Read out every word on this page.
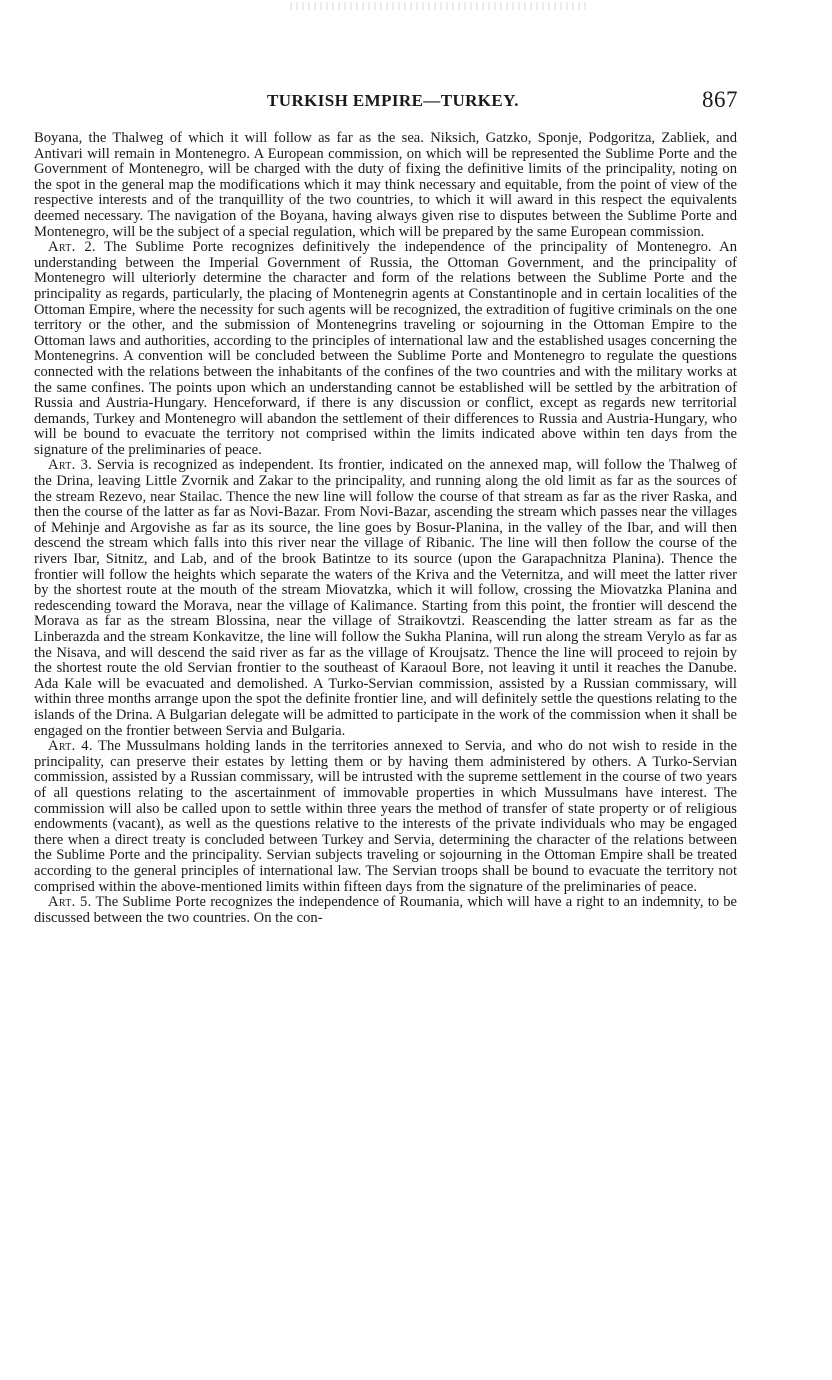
TURKISH EMPIRE—TURKEY.	867

Boyana, the Thalweg of which it will follow as far as the sea. Niksich, Gatzko, Sponje, Podgoritza, Zabliek, and Antivari will remain in Montenegro. A European commission, on which will be represented the Sublime Porte and the Government of Montenegro, will be charged with the duty of fixing the definitive limits of the principality, noting on the spot in the general map the modifications which it may think necessary and equitable, from the point of view of the respective interests and of the tranquillity of the two countries, to which it will award in this respect the equivalents deemed necessary. The navigation of the Boyana, having always given rise to disputes between the Sublime Porte and Montenegro, will be the subject of a special regulation, which will be prepared by the same European commission.

Art. 2. The Sublime Porte recognizes definitively the independence of the principality of Montenegro. An understanding between the Imperial Government of Russia, the Ottoman Government, and the principality of Montenegro will ulteriorly determine the character and form of the relations between the Sublime Porte and the principality as regards, particularly, the placing of Montenegrin agents at Constantinople and in certain localities of the Ottoman Empire, where the necessity for such agents will be recognized, the extradition of fugitive criminals on the one territory or the other, and the submission of Montenegrins traveling or sojourning in the Ottoman Empire to the Ottoman laws and authorities, according to the principles of international law and the established usages concerning the Montenegrins. A convention will be concluded between the Sublime Porte and Montenegro to regulate the questions connected with the relations between the inhabitants of the confines of the two countries and with the military works at the same confines. The points upon which an understanding cannot be established will be settled by the arbitration of Russia and Austria-Hungary. Henceforward, if there is any discussion or conflict, except as regards new territorial demands, Turkey and Montenegro will abandon the settlement of their differences to Russia and Austria-Hungary, who will be bound to evacuate the territory not comprised within the limits indicated above within ten days from the signature of the preliminaries of peace.

Art. 3. Servia is recognized as independent. Its frontier, indicated on the annexed map, will follow the Thalweg of the Drina, leaving Little Zvornik and Zakar to the principality, and running along the old limit as far as the sources of the stream Rezevo, near Stailac. Thence the new line will follow the course of that stream as far as the river Raska, and then the course of the latter as far as Novi-Bazar. From Novi-Bazar, ascending the stream which passes near the villages of Mehinje and Argovishe as far as its source, the line goes by Bosur-Planina, in the valley of the Ibar, and will then descend the stream which falls into this river near the village of Ribanic. The line will then follow the course of the rivers Ibar, Sitnitz, and Lab, and of the brook Batintze to its source (upon the Garapachnitza Planina). Thence the frontier will follow the heights which separate the waters of the Kriva and the Veternitza, and will meet the latter river by the shortest route at the mouth of the stream Miovatzka, which it will follow, crossing the Miovatzka Planina and redescending toward the Morava, near the village of Kalimance. Starting from this point, the frontier will descend the Morava as far as the stream Blossina, near the village of Straikovtzi. Reascending the latter stream as far as the Linberazda and the stream Konkavitze, the line will follow the Sukha Planina, will run along the stream Verylo as far as the Nisava, and will descend the said river as far as the village of Kroujsatz. Thence the line will proceed to rejoin by the shortest route the old Servian frontier to the southeast of Karaoul Bore, not leaving it until it reaches the Danube. Ada Kale will be evacuated and demolished. A Turko-Servian commission, assisted by a Russian commissary, will within three months arrange upon the spot the definite frontier line, and will definitely settle the questions relating to the islands of the Drina. A Bulgarian delegate will be admitted to participate in the work of the commission when it shall be engaged on the frontier between Servia and Bulgaria.

Art. 4. The Mussulmans holding lands in the territories annexed to Servia, and who do not wish to reside in the principality, can preserve their estates by letting them or by having them administered by others. A Turko-Servian commission, assisted by a Russian commissary, will be intrusted with the supreme settlement in the course of two years of all questions relating to the ascertainment of immovable properties in which Mussulmans have interest. The commission will also be called upon to settle within three years the method of transfer of state property or of religious endowments (vacant), as well as the questions relative to the interests of the private individuals who may be engaged there when a direct treaty is concluded between Turkey and Servia, determining the character of the relations between the Sublime Porte and the principality. Servian subjects traveling or sojourning in the Ottoman Empire shall be treated according to the general principles of international law. The Servian troops shall be bound to evacuate the territory not comprised within the above-mentioned limits within fifteen days from the signature of the preliminaries of peace.

Art. 5. The Sublime Porte recognizes the independence of Roumania, which will have a right to an indemnity, to be discussed between the two countries. On the con-
